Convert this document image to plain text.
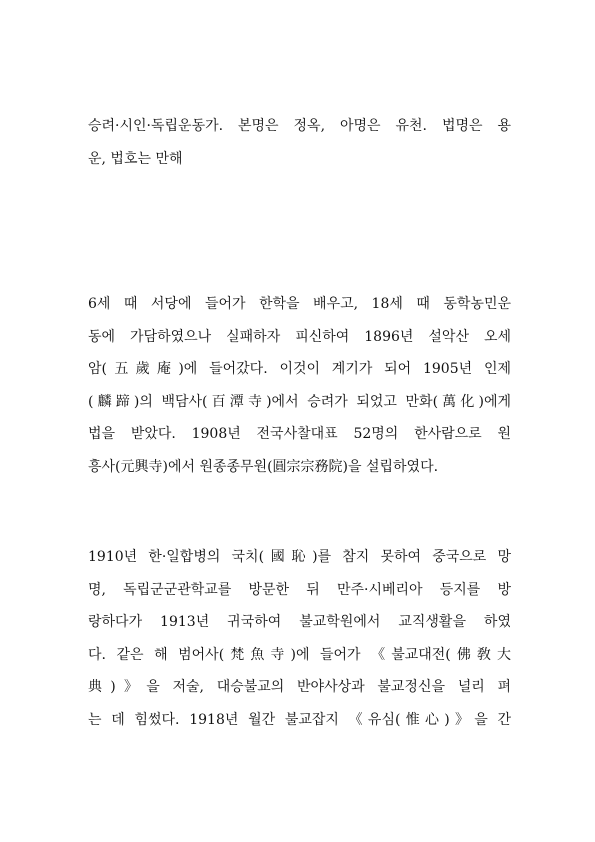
승려·시인·독립운동가. 본명은 정옥, 아명은 유천. 법명은 용
운, 법호는 만해
6세 때 서당에 들어가 한학을 배우고, 18세 때 동학농민운
동에 가담하였으나 실패하자 피신하여 1896년 설악산 오세
암(五歲庵)에 들어갔다. 이것이 계기가 되어 1905년 인제
(麟蹄)의 백담사(百潭寺)에서 승려가 되었고 만화(萬化)에게
법을 받았다. 1908년 전국사찰대표 52명의 한사람으로 원
흥사(元興寺)에서 원종종무원(圓宗宗務院)을 설립하였다.
1910년 한·일합병의 국치(國恥)를 참지 못하여 중국으로 망
명, 독립군군관학교를 방문한 뒤 만주·시베리아 등지를 방
랑하다가 1913년 귀국하여 불교학원에서 교직생활을 하였
다. 같은 해 범어사(梵魚寺)에 들어가 《불교대전(佛敎大
典)》을 저술, 대승불교의 반야사상과 불교정신을 널리 펴
는 데 힘썼다. 1918년 월간 불교잡지 《유심(惟心)》을 간
